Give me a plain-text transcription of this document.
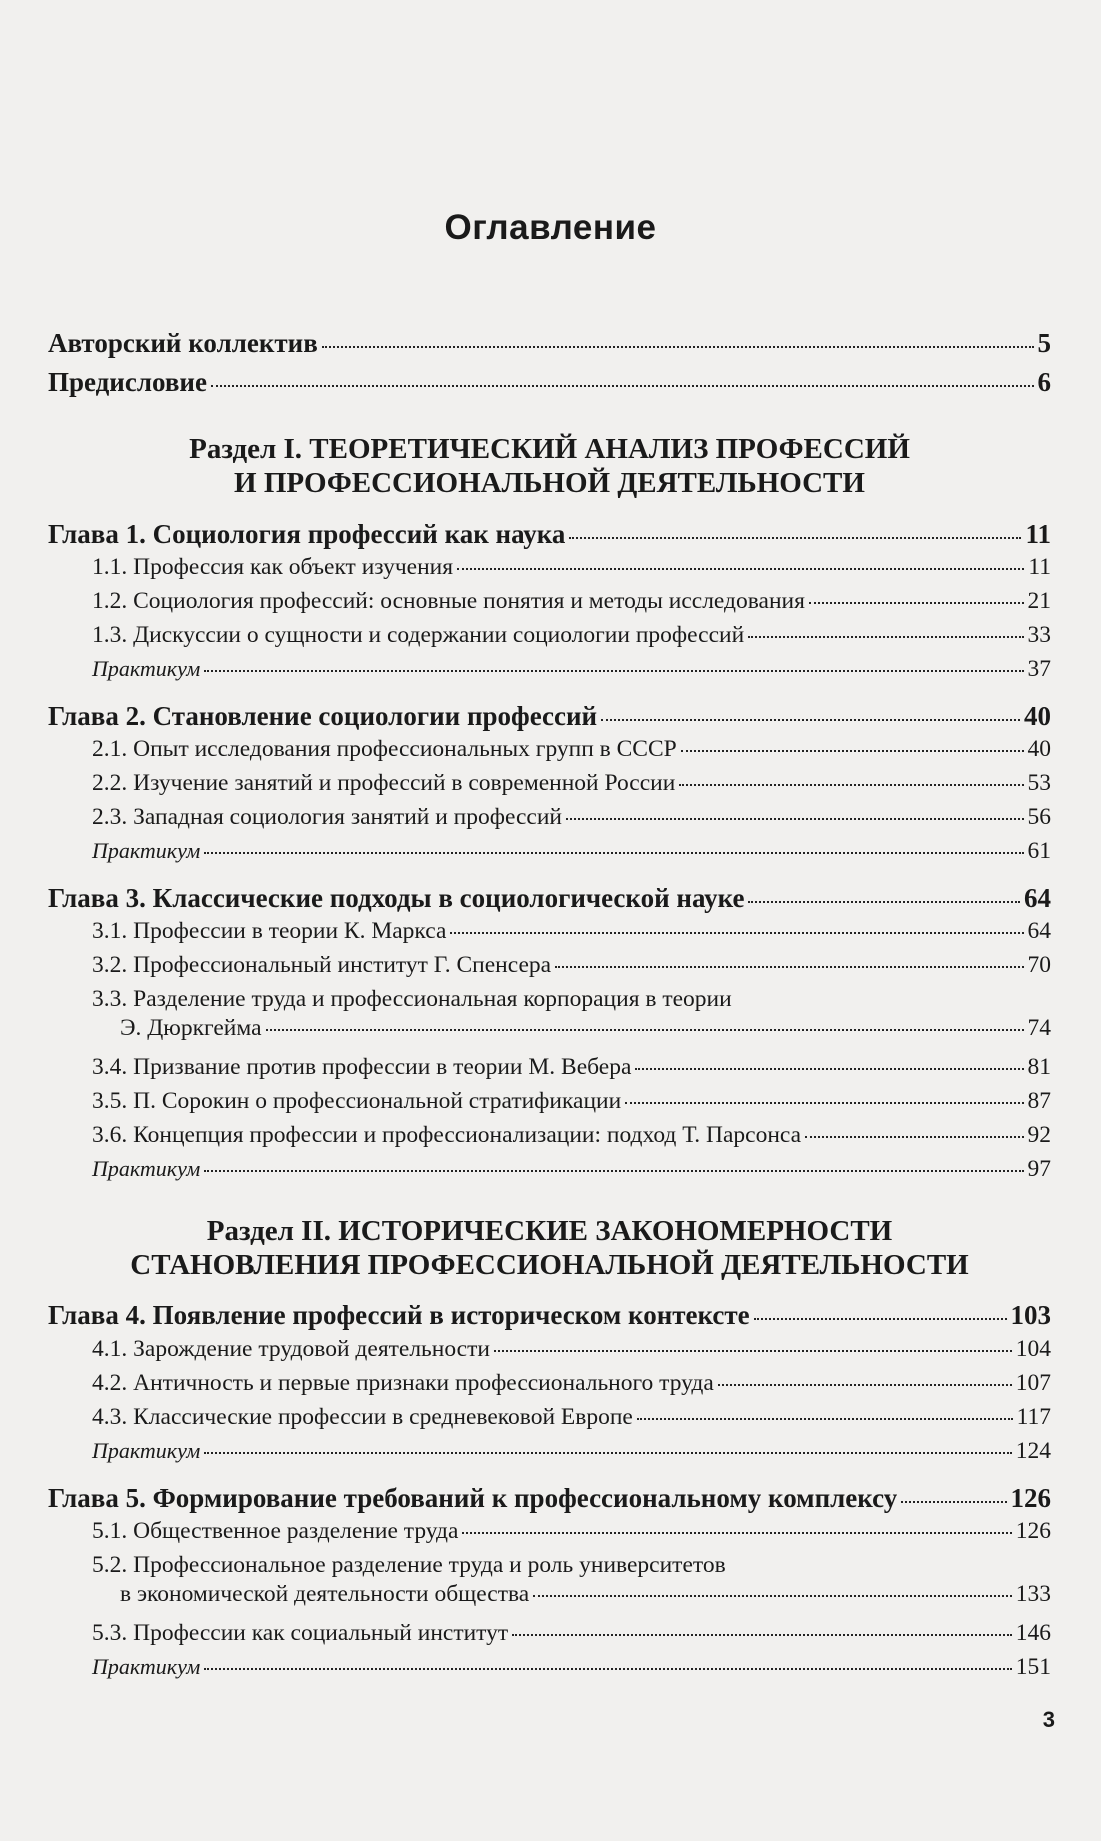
Оглавление
Авторский коллектив	5
Предисловие	6
Раздел I. ТЕОРЕТИЧЕСКИЙ АНАЛИЗ ПРОФЕССИЙ
И ПРОФЕССИОНАЛЬНОЙ ДЕЯТЕЛЬНОСТИ
Глава 1. Социология профессий как наука	11
1.1. Профессия как объект изучения	11
1.2. Социология профессий: основные понятия и методы исследования	21
1.3. Дискуссии о сущности и содержании социологии профессий	33
Практикум	37
Глава 2. Становление социологии профессий	40
2.1. Опыт исследования профессиональных групп в СССР	40
2.2. Изучение занятий и профессий в современной России	53
2.3. Западная социология занятий и профессий	56
Практикум	61
Глава 3. Классические подходы в социологической науке	64
3.1. Профессии в теории К. Маркса	64
3.2. Профессиональный институт Г. Спенсера	70
3.3. Разделение труда и профессиональная корпорация в теории
Э. Дюркгейма	74
3.4. Призвание против профессии в теории М. Вебера	81
3.5. П. Сорокин о профессиональной стратификации	87
3.6. Концепция профессии и профессионализации: подход Т. Парсонса	92
Практикум	97
Раздел II. ИСТОРИЧЕСКИЕ ЗАКОНОМЕРНОСТИ
СТАНОВЛЕНИЯ ПРОФЕССИОНАЛЬНОЙ ДЕЯТЕЛЬНОСТИ
Глава 4. Появление профессий в историческом контексте	103
4.1. Зарождение трудовой деятельности	104
4.2. Античность и первые признаки профессионального труда	107
4.3. Классические профессии в средневековой Европе	117
Практикум	124
Глава 5. Формирование требований к профессиональному комплексу	126
5.1. Общественное разделение труда	126
5.2. Профессиональное разделение труда и роль университетов
в экономической деятельности общества	133
5.3. Профессии как социальный институт	146
Практикум	151
3
